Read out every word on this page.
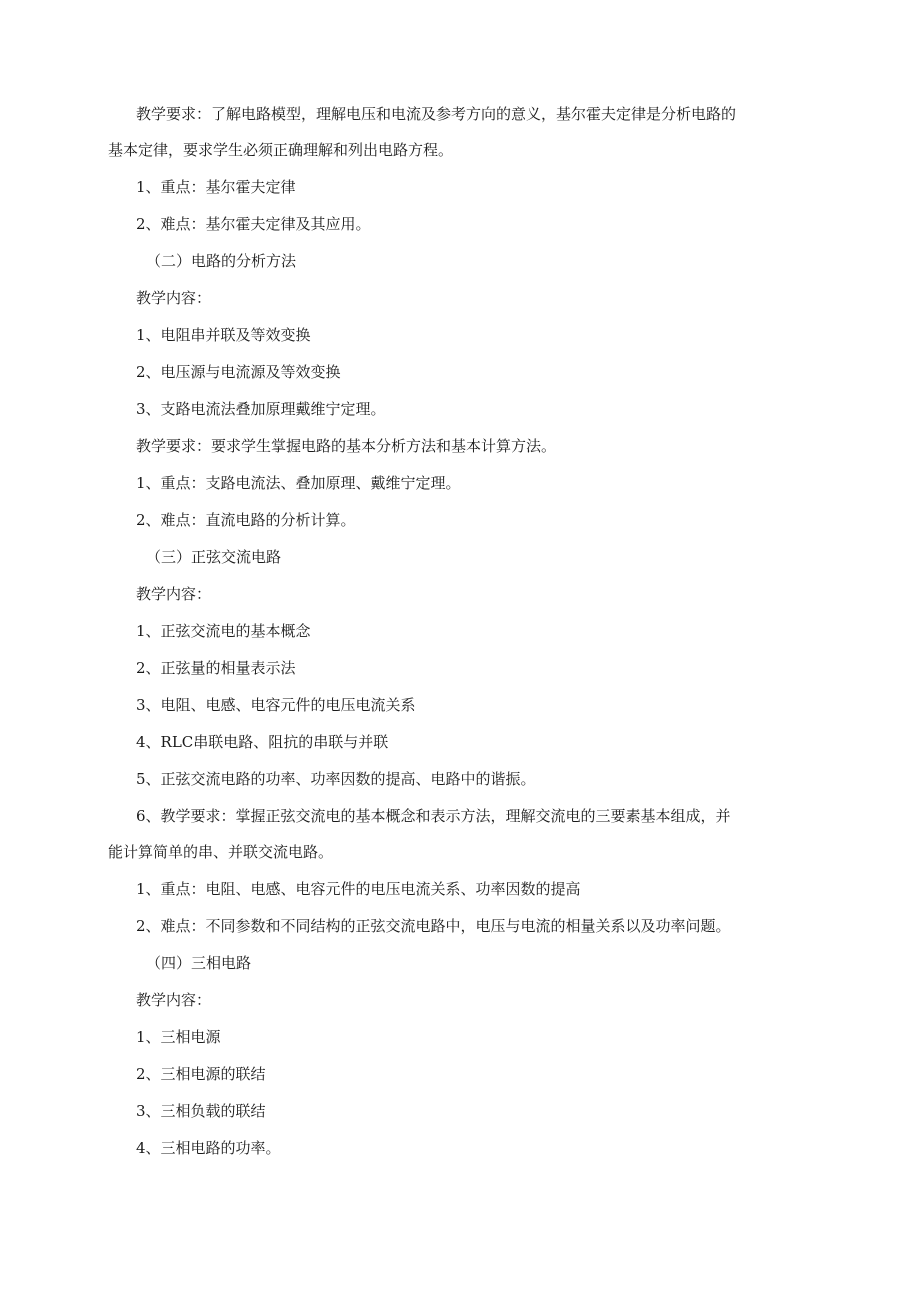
教学要求：了解电路模型，理解电压和电流及参考方向的意义，基尔霍夫定律是分析电路的
基本定律，要求学生必须正确理解和列出电路方程。
1、重点：基尔霍夫定律
2、难点：基尔霍夫定律及其应用。
（二）电路的分析方法
教学内容：
1、电阻串并联及等效变换
2、电压源与电流源及等效变换
3、支路电流法叠加原理戴维宁定理。
教学要求：要求学生掌握电路的基本分析方法和基本计算方法。
1、重点：支路电流法、叠加原理、戴维宁定理。
2、难点：直流电路的分析计算。
（三）正弦交流电路
教学内容：
1、正弦交流电的基本概念
2、正弦量的相量表示法
3、电阻、电感、电容元件的电压电流关系
4、RLC串联电路、阻抗的串联与并联
5、正弦交流电路的功率、功率因数的提高、电路中的谐振。
6、教学要求：掌握正弦交流电的基本概念和表示方法，理解交流电的三要素基本组成，并
能计算简单的串、并联交流电路。
1、重点：电阻、电感、电容元件的电压电流关系、功率因数的提高
2、难点：不同参数和不同结构的正弦交流电路中，电压与电流的相量关系以及功率问题。
（四）三相电路
教学内容：
1、三相电源
2、三相电源的联结
3、三相负载的联结
4、三相电路的功率。
